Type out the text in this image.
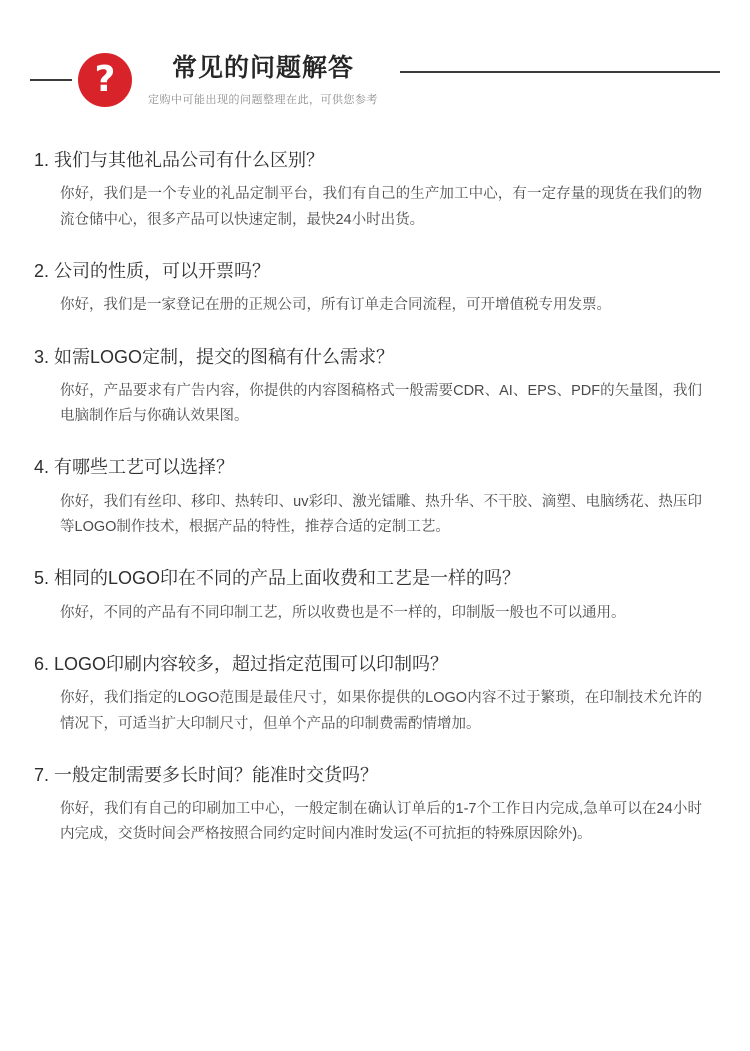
?	常见的问题解答
定购中可能出现的问题整理在此，可供您参考
1. 我们与其他礼品公司有什么区别？
你好，我们是一个专业的礼品定制平台，我们有自己的生产加工中心，有一定存量的现货在我们的物流仓储中心，很多产品可以快速定制，最快24小时出货。
2. 公司的性质，可以开票吗？
你好，我们是一家登记在册的正规公司，所有订单走合同流程，可开增值税专用发票。
3. 如需LOGO定制，提交的图稿有什么需求？
你好，产品要求有广告内容，你提供的内容图稿格式一般需要CDR、AI、EPS、PDF的矢量图，我们电脑制作后与你确认效果图。
4. 有哪些工艺可以选择？
你好，我们有丝印、移印、热转印、uv彩印、激光镭雕、热升华、不干胶、滴塑、电脑绣花、热压印等LOGO制作技术，根据产品的特性，推荐合适的定制工艺。
5. 相同的LOGO印在不同的产品上面收费和工艺是一样的吗？
你好，不同的产品有不同印制工艺，所以收费也是不一样的，印制版一般也不可以通用。
6. LOGO印刷内容较多，超过指定范围可以印制吗？
你好，我们指定的LOGO范围是最佳尺寸，如果你提供的LOGO内容不过于繁琐，在印制技术允许的情况下，可适当扩大印制尺寸，但单个产品的印制费需酌情增加。
7. 一般定制需要多长时间？能准时交货吗？
你好，我们有自己的印刷加工中心，一般定制在确认订单后的1-7个工作日内完成,急单可以在24小时内完成，交货时间会严格按照合同约定时间内准时发运(不可抗拒的特殊原因除外)。
